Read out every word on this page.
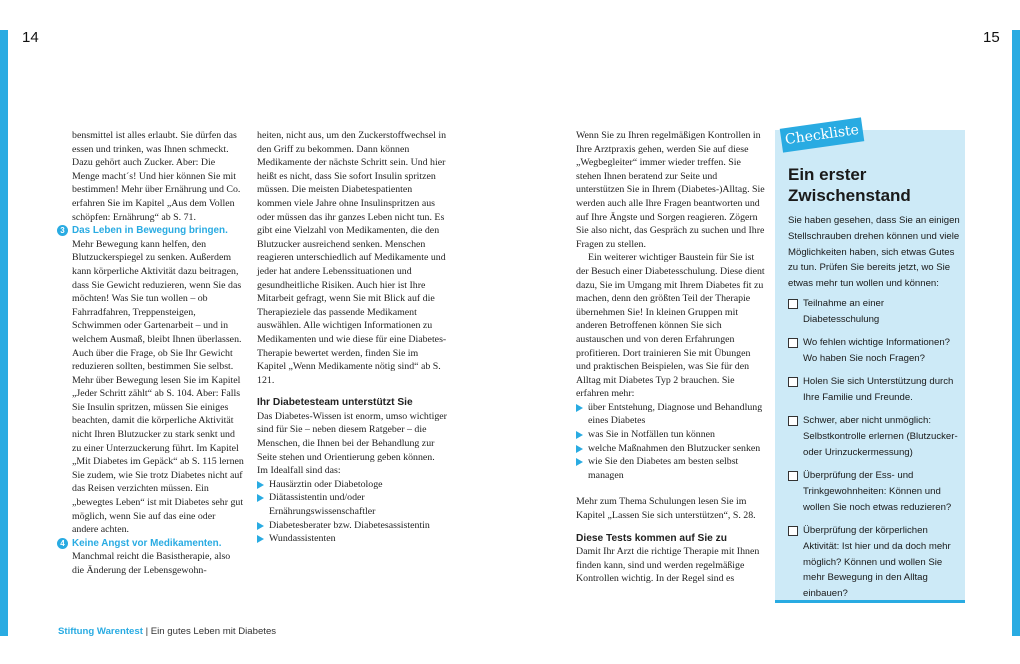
14	15

bensmittel ist alles erlaubt. Sie dürfen das essen und trinken, was Ihnen schmeckt. Dazu gehört auch Zucker. Aber: Die Menge macht´s! Und hier können Sie mit bestimmen! Mehr über Ernährung und Co. erfahren Sie im Kapitel „Aus dem Vollen schöpfen: Ernährung“ ab S. 71.

3 Das Leben in Bewegung bringen. Mehr Bewegung kann helfen, den Blutzuckerspiegel zu senken. Außerdem kann körperliche Aktivität dazu beitragen, dass Sie Gewicht reduzieren, wenn Sie das möchten! Was Sie tun wollen – ob Fahrradfahren, Treppensteigen, Schwimmen oder Gartenarbeit – und in welchem Ausmaß, bleibt Ihnen überlassen. Auch über die Frage, ob Sie Ihr Gewicht reduzieren sollten, bestimmen Sie selbst. Mehr über Bewegung lesen Sie im Kapitel „Jeder Schritt zählt“ ab S. 104. Aber: Falls Sie Insulin spritzen, müssen Sie einiges beachten, damit die körperliche Aktivität nicht Ihren Blutzucker zu stark senkt und zu einer Unterzuckerung führt. Im Kapitel „Mit Diabetes im Gepäck“ ab S. 115 lernen Sie zudem, wie Sie trotz Diabetes nicht auf das Reisen verzichten müssen. Ein „bewegtes Leben“ ist mit Diabetes sehr gut möglich, wenn Sie auf das eine oder andere achten.

4 Keine Angst vor Medikamenten. Manchmal reicht die Basistherapie, also die Änderung der Lebensgewohn-

heiten, nicht aus, um den Zuckerstoffwechsel in den Griff zu bekommen. Dann können Medikamente der nächste Schritt sein. Und hier heißt es nicht, dass Sie sofort Insulin spritzen müssen. Die meisten Diabetespatienten kommen viele Jahre ohne Insulinspritzen aus oder müssen das ihr ganzes Leben nicht tun. Es gibt eine Vielzahl von Medikamenten, die den Blutzucker ausreichend senken. Menschen reagieren unterschiedlich auf Medikamente und jeder hat andere Lebenssituationen und gesundheitliche Risiken. Auch hier ist Ihre Mitarbeit gefragt, wenn Sie mit Blick auf die Therapieziele das passende Medikament auswählen. Alle wichtigen Informationen zu Medikamenten und wie diese für eine Diabetes-Therapie bewertet werden, finden Sie im Kapitel „Wenn Medikamente nötig sind“ ab S. 121.

Ihr Diabetesteam unterstützt Sie

Das Diabetes-Wissen ist enorm, umso wichtiger sind für Sie – neben diesem Ratgeber – die Menschen, die Ihnen bei der Behandlung zur Seite stehen und Orientierung geben können. Im Idealfall sind das:

Hausärztin oder Diabetologe
Diätassistentin und/oder Ernährungswissenschaftler
Diabetesberater bzw. Diabetesassistentin
Wundassistenten

Wenn Sie zu Ihren regelmäßigen Kontrollen in Ihre Arztpraxis gehen, werden Sie auf diese „Wegbegleiter“ immer wieder treffen. Sie stehen Ihnen beratend zur Seite und unterstützen Sie in Ihrem (Diabetes-)Alltag. Sie werden auch alle Ihre Fragen beantworten und auf Ihre Ängste und Sorgen reagieren. Zögern Sie also nicht, das Gespräch zu suchen und Ihre Fragen zu stellen.

Ein weiterer wichtiger Baustein für Sie ist der Besuch einer Diabetesschulung. Diese dient dazu, Sie im Umgang mit Ihrem Diabetes fit zu machen, denn den größten Teil der Therapie übernehmen Sie! In kleinen Gruppen mit anderen Betroffenen können Sie sich austauschen und von deren Erfahrungen profitieren. Dort trainieren Sie mit Übungen und praktischen Beispielen, was Sie für den Alltag mit Diabetes Typ 2 brauchen. Sie erfahren mehr:

über Entstehung, Diagnose und Behandlung eines Diabetes
was Sie in Notfällen tun können
welche Maßnahmen den Blutzucker senken
wie Sie den Diabetes am besten selbst managen

Mehr zum Thema Schulungen lesen Sie im Kapitel „Lassen Sie sich unterstützen“, S. 28.

Diese Tests kommen auf Sie zu

Damit Ihr Arzt die richtige Therapie mit Ihnen finden kann, sind und werden regelmäßige Kontrollen wichtig. In der Regel sind es

Checkliste
Ein erster Zwischenstand

Sie haben gesehen, dass Sie an einigen Stellschrauben drehen können und viele Möglichkeiten haben, sich etwas Gutes zu tun. Prüfen Sie bereits jetzt, wo Sie etwas mehr tun wollen und können:

Teilnahme an einer Diabetesschulung
Wo fehlen wichtige Informationen? Wo haben Sie noch Fragen?
Holen Sie sich Unterstützung durch Ihre Familie und Freunde.
Schwer, aber nicht unmöglich: Selbstkontrolle erlernen (Blutzucker- oder Urinzuckermessung)
Überprüfung der Ess- und Trinkgewohnheiten: Können und wollen Sie noch etwas reduzieren?
Überprüfung der körperlichen Aktivität: Ist hier und da doch mehr möglich? Können und wollen Sie mehr Bewegung in den Alltag einbauen?
Stiftung Warentest | Ein gutes Leben mit Diabetes
